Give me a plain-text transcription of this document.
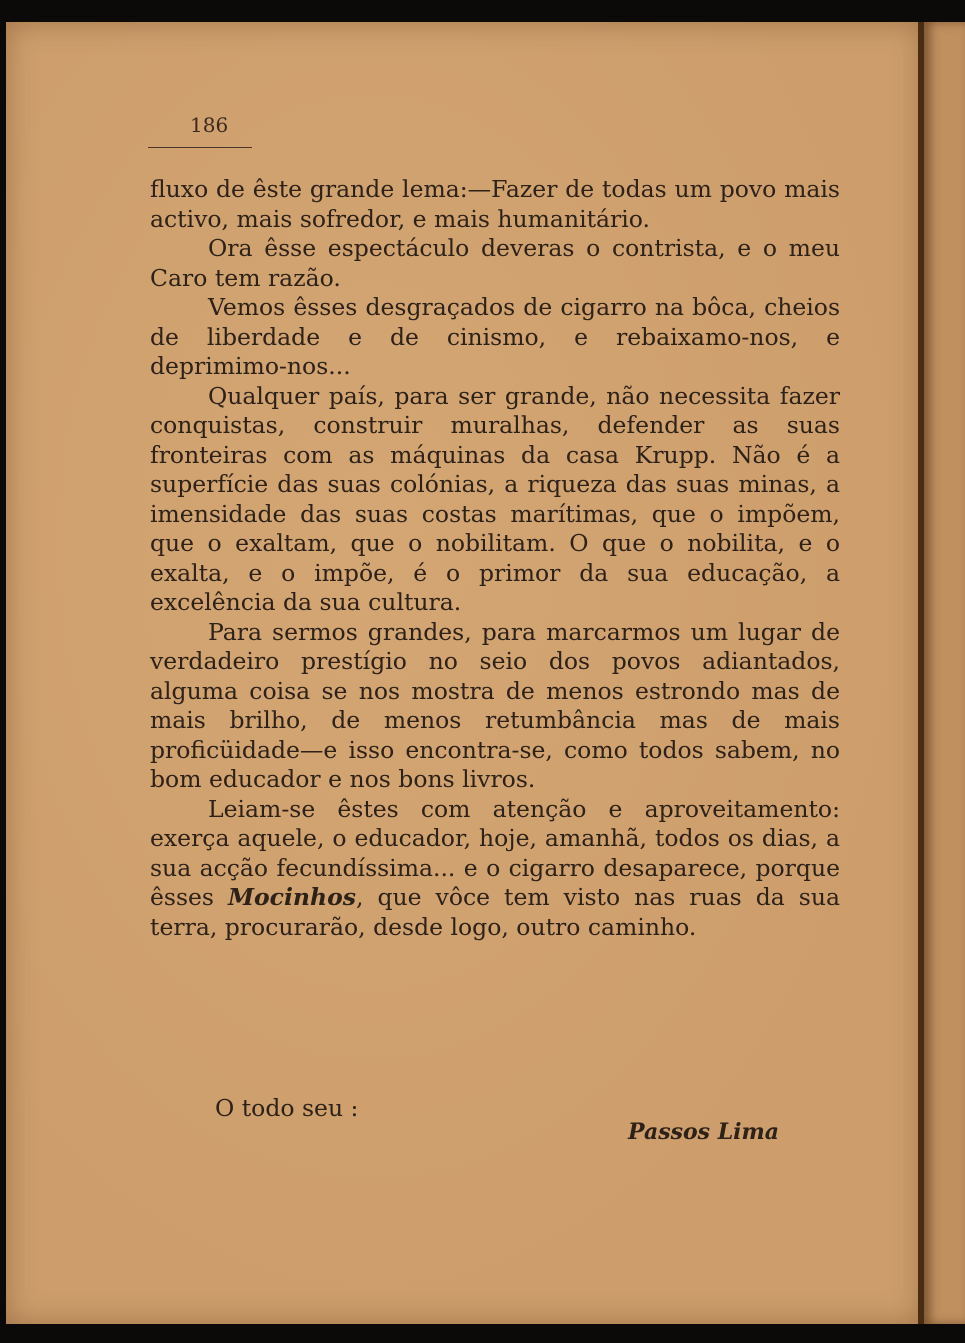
186

fluxo de êste grande lema:—Fazer de todas um povo mais activo, mais sofredor, e mais humanitário.

Ora êsse espectáculo deveras o contrista, e o meu Caro tem razão.

Vemos êsses desgraçados de cigarro na bôca, cheios de liberdade e de cinismo, e rebaixamo-nos, e deprimimo-nos...

Qualquer país, para ser grande, não necessita fazer conquistas, construir muralhas, defender as suas fronteiras com as máquinas da casa Krupp. Não é a superfície das suas colónias, a riqueza das suas minas, a imensidade das suas costas marítimas, que o impõem, que o exaltam, que o nobilitam. O que o nobilita, e o exalta, e o impõe, é o primor da sua educação, a excelência da sua cultura.

Para sermos grandes, para marcarmos um lugar de verdadeiro prestígio no seio dos povos adiantados, alguma coisa se nos mostra de menos estrondo mas de mais brilho, de menos retumbância mas de mais proficüidade—e isso encontra-se, como todos sabem, no bom educador e nos bons livros.

Leiam-se êstes com atenção e aproveitamento: exerça aquele, o educador, hoje, amanhã, todos os dias, a sua acção fecundíssima... e o cigarro desaparece, porque êsses Mocinhos, que vôce tem visto nas ruas da sua terra, procurarão, desde logo, outro caminho.

O todo seu :
Passos Lima
